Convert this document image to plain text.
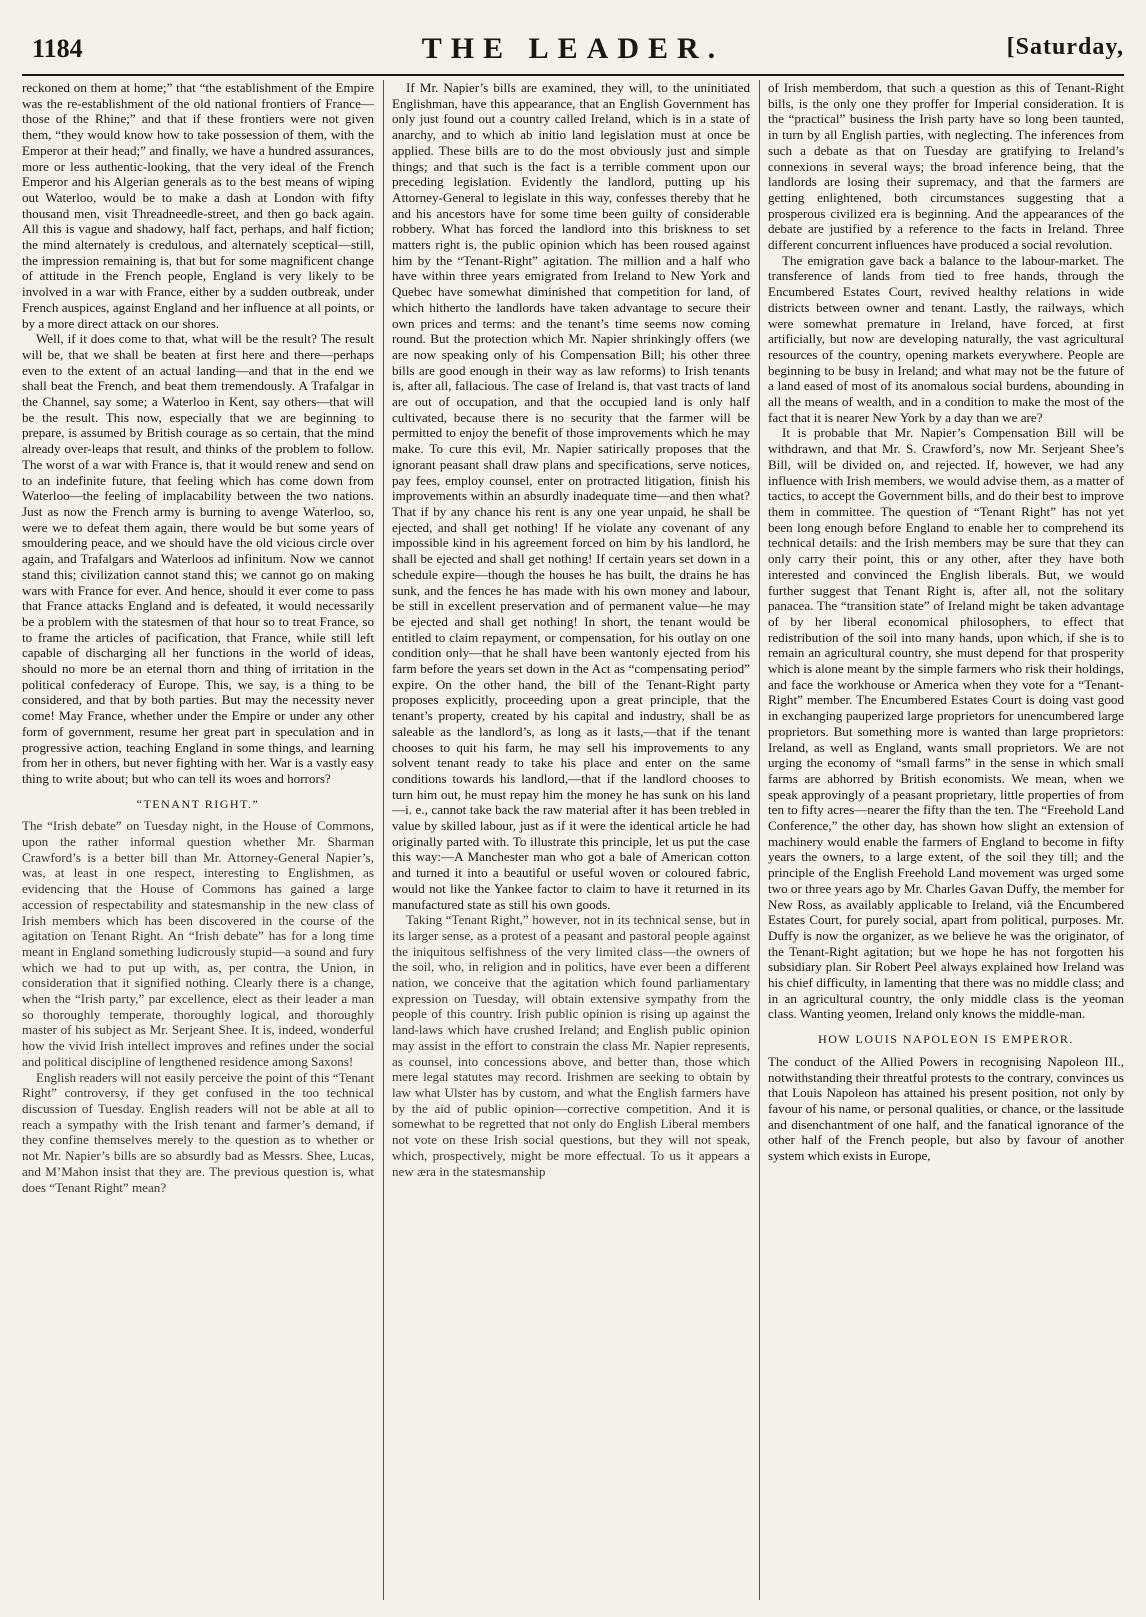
1184	THE LEADER.	[Saturday,

reckoned on them at home;” that “the establishment of the Empire was the re-establishment of the old national frontiers of France—those of the Rhine;” and that if these frontiers were not given them, “they would know how to take possession of them, with the Emperor at their head;” and finally, we have a hundred assurances, more or less authentic-looking, that the very ideal of the French Emperor and his Algerian generals as to the best means of wiping out Waterloo, would be to make a dash at London with fifty thousand men, visit Threadneedle-street, and then go back again. All this is vague and shadowy, half fact, perhaps, and half fiction; the mind alternately is credulous, and alternately sceptical—still, the impression remaining is, that but for some magnificent change of attitude in the French people, England is very likely to be involved in a war with France, either by a sudden outbreak, under French auspices, against England and her influence at all points, or by a more direct attack on our shores.

Well, if it does come to that, what will be the result? The result will be, that we shall be beaten at first here and there—perhaps even to the extent of an actual landing—and that in the end we shall beat the French, and beat them tremendously. A Trafalgar in the Channel, say some; a Waterloo in Kent, say others—that will be the result. This now, especially that we are beginning to prepare, is assumed by British courage as so certain, that the mind already over-leaps that result, and thinks of the problem to follow. The worst of a war with France is, that it would renew and send on to an indefinite future, that feeling which has come down from Waterloo—the feeling of implacability between the two nations. Just as now the French army is burning to avenge Waterloo, so, were we to defeat them again, there would be but some years of smouldering peace, and we should have the old vicious circle over again, and Trafalgars and Waterloos ad infinitum. Now we cannot stand this; civilization cannot stand this; we cannot go on making wars with France for ever. And hence, should it ever come to pass that France attacks England and is defeated, it would necessarily be a problem with the statesmen of that hour so to treat France, so to frame the articles of pacification, that France, while still left capable of discharging all her functions in the world of ideas, should no more be an eternal thorn and thing of irritation in the political confederacy of Europe. This, we say, is a thing to be considered, and that by both parties. But may the necessity never come! May France, whether under the Empire or under any other form of government, resume her great part in speculation and in progressive action, teaching England in some things, and learning from her in others, but never fighting with her. War is a vastly easy thing to write about; but who can tell its woes and horrors?

“TENANT RIGHT.”

The “Irish debate” on Tuesday night, in the House of Commons, upon the rather informal question whether Mr. Sharman Crawford’s is a better bill than Mr. Attorney-General Napier’s, was, at least in one respect, interesting to Englishmen, as evidencing that the House of Commons has gained a large accession of respectability and statesmanship in the new class of Irish members which has been discovered in the course of the agitation on Tenant Right. An “Irish debate” has for a long time meant in England something ludicrously stupid—a sound and fury which we had to put up with, as, per contra, the Union, in consideration that it signified nothing. Clearly there is a change, when the “Irish party,” par excellence, elect as their leader a man so thoroughly temperate, thoroughly logical, and thoroughly master of his subject as Mr. Serjeant Shee. It is, indeed, wonderful how the vivid Irish intellect improves and refines under the social and political discipline of lengthened residence among Saxons!

English readers will not easily perceive the point of this “Tenant Right” controversy, if they get confused in the too technical discussion of Tuesday. English readers will not be able at all to reach a sympathy with the Irish tenant and farmer’s demand, if they confine themselves merely to the question as to whether or not Mr. Napier’s bills are so absurdly bad as Messrs. Shee, Lucas, and M’Mahon insist that they are. The previous question is, what does “Tenant Right” mean?

If Mr. Napier’s bills are examined, they will, to the uninitiated Englishman, have this appearance, that an English Government has only just found out a country called Ireland, which is in a state of anarchy, and to which ab initio land legislation must at once be applied. These bills are to do the most obviously just and simple things; and that such is the fact is a terrible comment upon our preceding legislation. Evidently the landlord, putting up his Attorney-General to legislate in this way, confesses thereby that he and his ancestors have for some time been guilty of considerable robbery. What has forced the landlord into this briskness to set matters right is, the public opinion which has been roused against him by the “Tenant-Right” agitation. The million and a half who have within three years emigrated from Ireland to New York and Quebec have somewhat diminished that competition for land, of which hitherto the landlords have taken advantage to secure their own prices and terms: and the tenant’s time seems now coming round. But the protection which Mr. Napier shrinkingly offers (we are now speaking only of his Compensation Bill; his other three bills are good enough in their way as law reforms) to Irish tenants is, after all, fallacious. The case of Ireland is, that vast tracts of land are out of occupation, and that the occupied land is only half cultivated, because there is no security that the farmer will be permitted to enjoy the benefit of those improvements which he may make. To cure this evil, Mr. Napier satirically proposes that the ignorant peasant shall draw plans and specifications, serve notices, pay fees, employ counsel, enter on protracted litigation, finish his improvements within an absurdly inadequate time—and then what? That if by any chance his rent is any one year unpaid, he shall be ejected, and shall get nothing! If he violate any covenant of any impossible kind in his agreement forced on him by his landlord, he shall be ejected and shall get nothing! If certain years set down in a schedule expire—though the houses he has built, the drains he has sunk, and the fences he has made with his own money and labour, be still in excellent preservation and of permanent value—he may be ejected and shall get nothing! In short, the tenant would be entitled to claim repayment, or compensation, for his outlay on one condition only—that he shall have been wantonly ejected from his farm before the years set down in the Act as “compensating period” expire. On the other hand, the bill of the Tenant-Right party proposes explicitly, proceeding upon a great principle, that the tenant’s property, created by his capital and industry, shall be as saleable as the landlord’s, as long as it lasts,—that if the tenant chooses to quit his farm, he may sell his improvements to any solvent tenant ready to take his place and enter on the same conditions towards his landlord,—that if the landlord chooses to turn him out, he must repay him the money he has sunk on his land—i. e., cannot take back the raw material after it has been trebled in value by skilled labour, just as if it were the identical article he had originally parted with. To illustrate this principle, let us put the case this way:—A Manchester man who got a bale of American cotton and turned it into a beautiful or useful woven or coloured fabric, would not like the Yankee factor to claim to have it returned in its manufactured state as still his own goods.

Taking “Tenant Right,” however, not in its technical sense, but in its larger sense, as a protest of a peasant and pastoral people against the iniquitous selfishness of the very limited class—the owners of the soil, who, in religion and in politics, have ever been a different nation, we conceive that the agitation which found parliamentary expression on Tuesday, will obtain extensive sympathy from the people of this country. Irish public opinion is rising up against the land-laws which have crushed Ireland; and English public opinion may assist in the effort to constrain the class Mr. Napier represents, as counsel, into concessions above, and better than, those which mere legal statutes may record. Irishmen are seeking to obtain by law what Ulster has by custom, and what the English farmers have by the aid of public opinion—corrective competition. And it is somewhat to be regretted that not only do English Liberal members not vote on these Irish social questions, but they will not speak, which, prospectively, might be more effectual. To us it appears a new æra in the statesmanship

of Irish memberdom, that such a question as this of Tenant-Right bills, is the only one they proffer for Imperial consideration. It is the “practical” business the Irish party have so long been taunted, in turn by all English parties, with neglecting. The inferences from such a debate as that on Tuesday are gratifying to Ireland’s connexions in several ways; the broad inference being, that the landlords are losing their supremacy, and that the farmers are getting enlightened, both circumstances suggesting that a prosperous civilized era is beginning. And the appearances of the debate are justified by a reference to the facts in Ireland. Three different concurrent influences have produced a social revolution.

The emigration gave back a balance to the labour-market. The transference of lands from tied to free hands, through the Encumbered Estates Court, revived healthy relations in wide districts between owner and tenant. Lastly, the railways, which were somewhat premature in Ireland, have forced, at first artificially, but now are developing naturally, the vast agricultural resources of the country, opening markets everywhere. People are beginning to be busy in Ireland; and what may not be the future of a land eased of most of its anomalous social burdens, abounding in all the means of wealth, and in a condition to make the most of the fact that it is nearer New York by a day than we are?

It is probable that Mr. Napier’s Compensation Bill will be withdrawn, and that Mr. S. Crawford’s, now Mr. Serjeant Shee’s Bill, will be divided on, and rejected. If, however, we had any influence with Irish members, we would advise them, as a matter of tactics, to accept the Government bills, and do their best to improve them in committee. The question of “Tenant Right” has not yet been long enough before England to enable her to comprehend its technical details: and the Irish members may be sure that they can only carry their point, this or any other, after they have both interested and convinced the English liberals. But, we would further suggest that Tenant Right is, after all, not the solitary panacea. The “transition state” of Ireland might be taken advantage of by her liberal economical philosophers, to effect that redistribution of the soil into many hands, upon which, if she is to remain an agricultural country, she must depend for that prosperity which is alone meant by the simple farmers who risk their holdings, and face the workhouse or America when they vote for a “Tenant-Right” member. The Encumbered Estates Court is doing vast good in exchanging pauperized large proprietors for unencumbered large proprietors. But something more is wanted than large proprietors: Ireland, as well as England, wants small proprietors. We are not urging the economy of “small farms” in the sense in which small farms are abhorred by British economists. We mean, when we speak approvingly of a peasant proprietary, little properties of from ten to fifty acres—nearer the fifty than the ten. The “Freehold Land Conference,” the other day, has shown how slight an extension of machinery would enable the farmers of England to become in fifty years the owners, to a large extent, of the soil they till; and the principle of the English Freehold Land movement was urged some two or three years ago by Mr. Charles Gavan Duffy, the member for New Ross, as availably applicable to Ireland, viâ the Encumbered Estates Court, for purely social, apart from political, purposes. Mr. Duffy is now the organizer, as we believe he was the originator, of the Tenant-Right agitation; but we hope he has not forgotten his subsidiary plan. Sir Robert Peel always explained how Ireland was his chief difficulty, in lamenting that there was no middle class; and in an agricultural country, the only middle class is the yeoman class. Wanting yeomen, Ireland only knows the middle-man.

HOW LOUIS NAPOLEON IS EMPEROR.

The conduct of the Allied Powers in recognising Napoleon III., notwithstanding their threatful protests to the contrary, convinces us that Louis Napoleon has attained his present position, not only by favour of his name, or personal qualities, or chance, or the lassitude and disenchantment of one half, and the fanatical ignorance of the other half of the French people, but also by favour of another system which exists in Europe,
